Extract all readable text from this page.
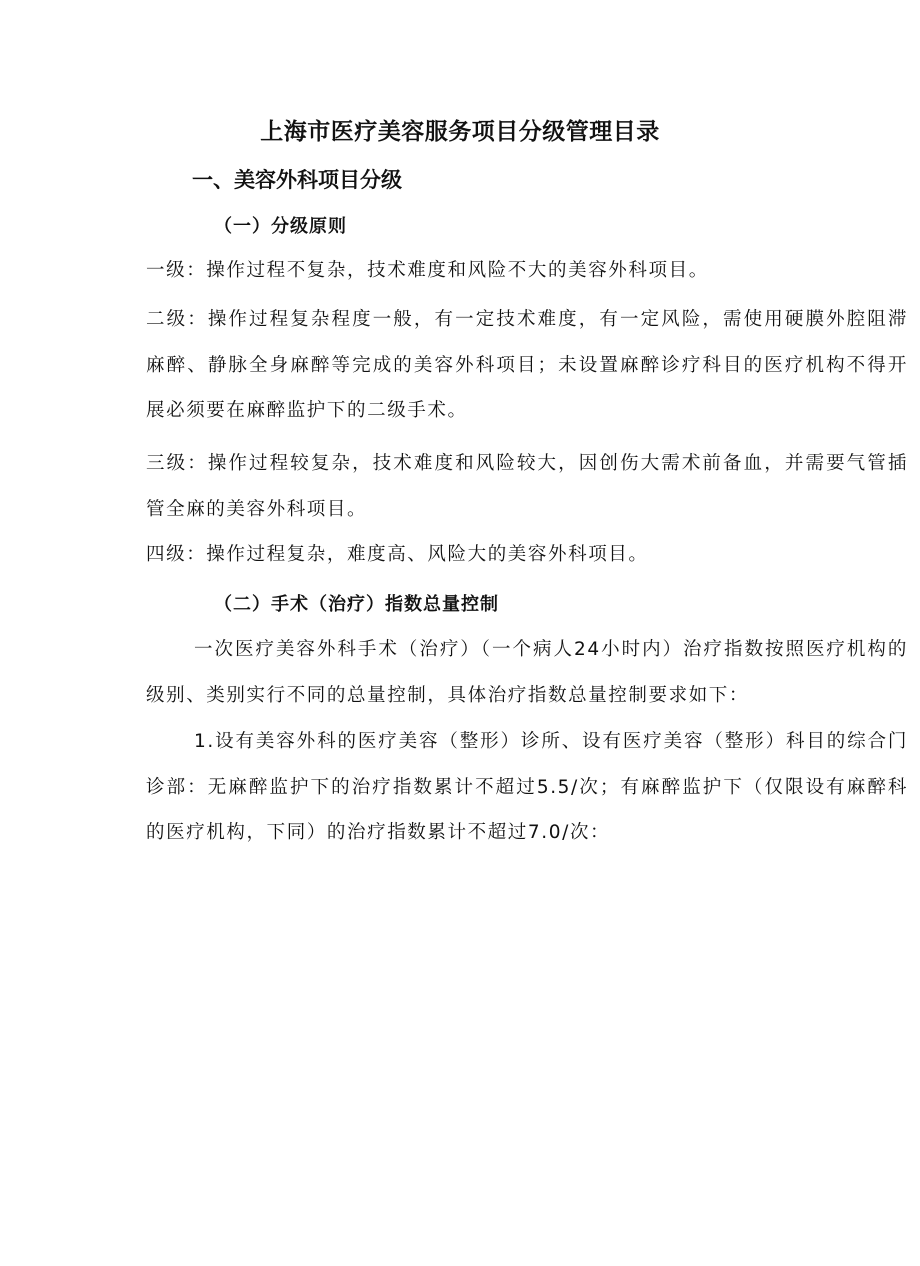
上海市医疗美容服务项目分级管理目录
一、美容外科项目分级
（一）分级原则

一级：操作过程不复杂，技术难度和风险不大的美容外科项目。

二级：操作过程复杂程度一般，有一定技术难度，有一定风险，需使用硬膜外腔阻滞麻醉、静脉全身麻醉等完成的美容外科项目；未设置麻醉诊疗科目的医疗机构不得开展必须要在麻醉监护下的二级手术。

三级：操作过程较复杂，技术难度和风险较大，因创伤大需术前备血，并需要气管插管全麻的美容外科项目。

四级：操作过程复杂，难度高、风险大的美容外科项目。

（二）手术（治疗）指数总量控制

一次医疗美容外科手术（治疗）（一个病人24小时内）治疗指数按照医疗机构的级别、类别实行不同的总量控制，具体治疗指数总量控制要求如下：

1.设有美容外科的医疗美容（整形）诊所、设有医疗美容（整形）科目的综合门诊部：无麻醉监护下的治疗指数累计不超过5.5/次；有麻醉监护下（仅限设有麻醉科的医疗机构，下同）的治疗指数累计不超过7.0/次：
